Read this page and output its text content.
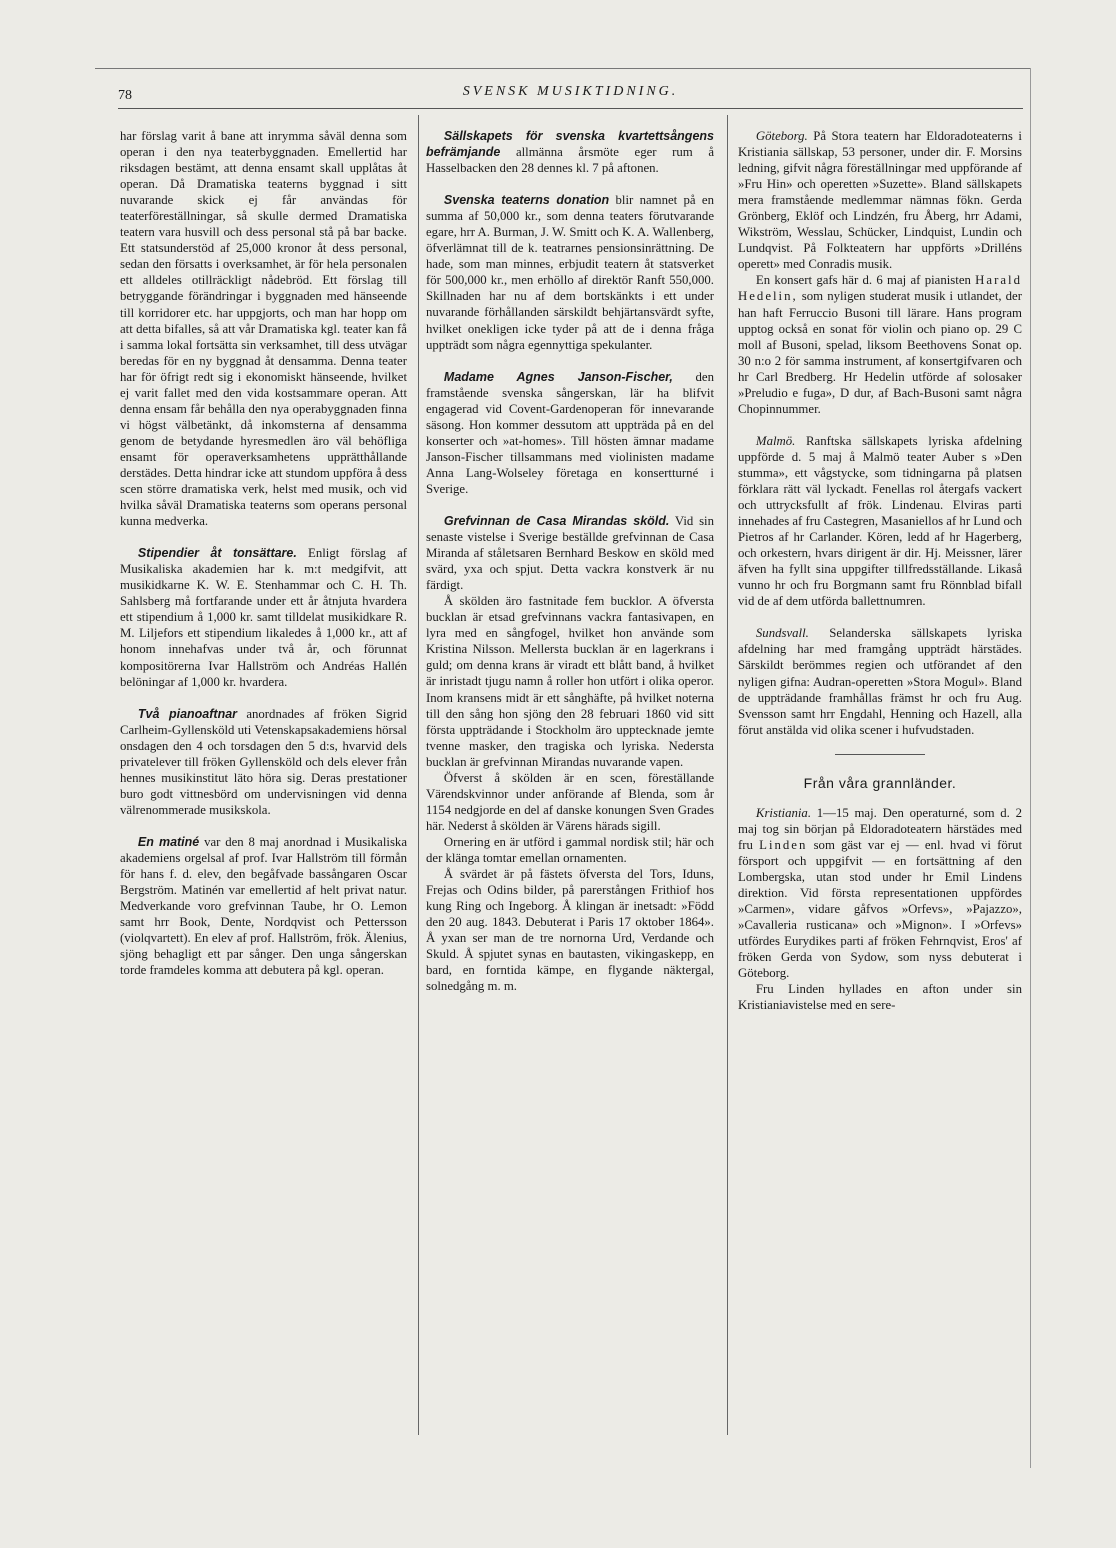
78	SVENSK MUSIKTIDNING.

har förslag varit å bane att inrymma såväl denna som operan i den nya teaterbyggnaden. Emellertid har riksdagen bestämt, att denna ensamt skall upplåtas åt operan. Då Dramatiska teaterns byggnad i sitt nuvarande skick ej får användas för teaterföreställningar, så skulle dermed Dramatiska teatern vara husvill och dess personal stå på bar backe. Ett statsunderstöd af 25,000 kronor åt dess personal, sedan den försatts i overksamhet, är för hela personalen ett alldeles otillräckligt nådebröd. Ett förslag till betryggande förändringar i byggnaden med hänseende till korridorer etc. har uppgjorts, och man har hopp om att detta bifalles, så att vår Dramatiska kgl. teater kan få i samma lokal fortsätta sin verksamhet, till dess utvägar beredas för en ny byggnad åt densamma. Denna teater har för öfrigt redt sig i ekonomiskt hänseende, hvilket ej varit fallet med den vida kostsammare operan. Att denna ensam får behålla den nya operabyggnaden finna vi högst välbetänkt, då inkomsterna af densamma genom de betydande hyresmedlen äro väl behöfliga ensamt för operaverksamhetens upprätthållande derstädes. Detta hindrar icke att stundom uppföra å dess scen större dramatiska verk, helst med musik, och vid hvilka såväl Dramatiska teaterns som operans personal kunna medverka.

Stipendier åt tonsättare. Enligt förslag af Musikaliska akademien har k. m:t medgifvit, att musikidkarne K. W. E. Stenhammar och C. H. Th. Sahlsberg må fortfarande under ett år åtnjuta hvardera ett stipendium å 1,000 kr. samt tilldelat musikidkare R. M. Liljefors ett stipendium likaledes å 1,000 kr., att af honom innehafvas under två år, och förunnat kompositörerna Ivar Hallström och Andréas Hallén belöningar af 1,000 kr. hvardera.

Två pianoaftnar anordnades af fröken Sigrid Carlheim-Gyllensköld uti Vetenskapsakademiens hörsal onsdagen den 4 och torsdagen den 5 d:s, hvarvid dels privatelever till fröken Gyllensköld och dels elever från hennes musikinstitut läto höra sig. Deras prestationer buro godt vittnesbörd om undervisningen vid denna välrenommerade musikskola.

En matiné var den 8 maj anordnad i Musikaliska akademiens orgelsal af prof. Ivar Hallström till förmån för hans f. d. elev, den begåfvade bassångaren Oscar Bergström. Matinén var emellertid af helt privat natur. Medverkande voro grefvinnan Taube, hr O. Lemon samt hrr Book, Dente, Nordqvist och Pettersson (violqvartett). En elev af prof. Hallström, frök. Älenius, sjöng behagligt ett par sånger. Den unga sångerskan torde framdeles komma att debutera på kgl. operan.

Sällskapets för svenska kvartettsångens befrämjande allmänna årsmöte eger rum å Hasselbacken den 28 dennes kl. 7 på aftonen.

Svenska teaterns donation blir namnet på en summa af 50,000 kr., som denna teaters förutvarande egare, hrr A. Burman, J. W. Smitt och K. A. Wallenberg, öfverlämnat till de k. teatrarnes pensionsinrättning. De hade, som man minnes, erbjudit teatern åt statsverket för 500,000 kr., men erhöllo af direktör Ranft 550,000. Skillnaden har nu af dem bortskänkts i ett under nuvarande förhållanden särskildt behjärtansvärdt syfte, hvilket onekligen icke tyder på att de i denna fråga uppträdt som några egennyttiga spekulanter.

Madame Agnes Janson-Fischer, den framstående svenska sångerskan, lär ha blifvit engagerad vid Covent-Gardenoperan för innevarande säsong. Hon kommer dessutom att uppträda på en del konserter och »at-homes». Till hösten ämnar madame Janson-Fischer tillsammans med violinisten madame Anna Lang-Wolseley företaga en konsertturné i Sverige.

Grefvinnan de Casa Mirandas sköld. Vid sin senaste vistelse i Sverige beställde grefvinnan de Casa Miranda af ståletsaren Bernhard Beskow en sköld med svärd, yxa och spjut. Detta vackra konstverk är nu färdigt.

Å skölden äro fastnitade fem bucklor. A öfversta bucklan är etsad grefvinnans vackra fantasivapen, en lyra med en sångfogel, hvilket hon använde som Kristina Nilsson. Mellersta bucklan är en lagerkrans i guld; om denna krans är viradt ett blått band, å hvilket är inristadt tjugu namn å roller hon utfört i olika operor. Inom kransens midt är ett sånghäfte, på hvilket noterna till den sång hon sjöng den 28 februari 1860 vid sitt första uppträdande i Stockholm äro upptecknade jemte tvenne masker, den tragiska och lyriska. Nedersta bucklan är grefvinnan Mirandas nuvarande vapen.

Öfverst å skölden är en scen, föreställande Värendskvinnor under anförande af Blenda, som år 1154 nedgjorde en del af danske konungen Sven Grades här. Nederst å skölden är Värens härads sigill.

Ornering en är utförd i gammal nordisk stil; här och der klänga tomtar emellan ornamenten.

Å svärdet är på fästets öfversta del Tors, Iduns, Frejas och Odins bilder, på parerstången Frithiof hos kung Ring och Ingeborg. Å klingan är inetsadt: »Född den 20 aug. 1843. Debuterat i Paris 17 oktober 1864». Å yxan ser man de tre nornorna Urd, Verdande och Skuld. Å spjutet synas en bautasten, vikingaskepp, en bard, en forntida kämpe, en flygande näktergal, solnedgång m. m.

Göteborg. På Stora teatern har Eldoradoteaterns i Kristiania sällskap, 53 personer, under dir. F. Morsins ledning, gifvit några föreställningar med uppförande af »Fru Hin» och operetten »Suzette». Bland sällskapets mera framstående medlemmar nämnas fökn. Gerda Grönberg, Eklöf och Lindzén, fru Åberg, hrr Adami, Wikström, Wesslau, Schücker, Lindquist, Lundin och Lundqvist. På Folkteatern har uppförts »Drilléns operett» med Conradis musik.

En konsert gafs här d. 6 maj af pianisten Harald Hedelin, som nyligen studerat musik i utlandet, der han haft Ferruccio Busoni till lärare. Hans program upptog också en sonat för violin och piano op. 29 C moll af Busoni, spelad, liksom Beethovens Sonat op. 30 n:o 2 för samma instrument, af konsertgifvaren och hr Carl Bredberg. Hr Hedelin utförde af solosaker »Preludio e fuga», D dur, af Bach-Busoni samt några Chopinnummer.

Malmö. Ranftska sällskapets lyriska afdelning uppförde d. 5 maj å Malmö teater Auber s »Den stumma», ett vågstycke, som tidningarna på platsen förklara rätt väl lyckadt. Fenellas rol återgafs vackert och uttrycksfullt af frök. Lindenau. Elviras parti innehades af fru Castegren, Masaniellos af hr Lund och Pietros af hr Carlander. Kören, ledd af hr Hagerberg, och orkestern, hvars dirigent är dir. Hj. Meissner, lärer äfven ha fyllt sina uppgifter tillfredsställande. Likaså vunno hr och fru Borgmann samt fru Rönnblad bifall vid de af dem utförda ballettnumren.

Sundsvall. Selanderska sällskapets lyriska afdelning har med framgång uppträdt härstädes. Särskildt berömmes regien och utförandet af den nyligen gifna: Audran-operetten »Stora Mogul». Bland de uppträdande framhållas främst hr och fru Aug. Svensson samt hrr Engdahl, Henning och Hazell, alla förut anstälda vid olika scener i hufvudstaden.

Från våra grannländer.

Kristiania. 1—15 maj. Den operaturné, som d. 2 maj tog sin början på Eldoradoteatern härstädes med fru Linden som gäst var ej — enl. hvad vi förut försport och uppgifvit — en fortsättning af den Lombergska, utan stod under hr Emil Lindens direktion. Vid första representationen uppfördes »Carmen», vidare gåfvos »Orfevs», »Pajazzo», »Cavalleria rusticana» och »Mignon». I »Orfevs» utfördes Eurydikes parti af fröken Fehrnqvist, Eros' af fröken Gerda von Sydow, som nyss debuterat i Göteborg.

Fru Linden hyllades en afton under sin Kristianiavistelse med en sere-
